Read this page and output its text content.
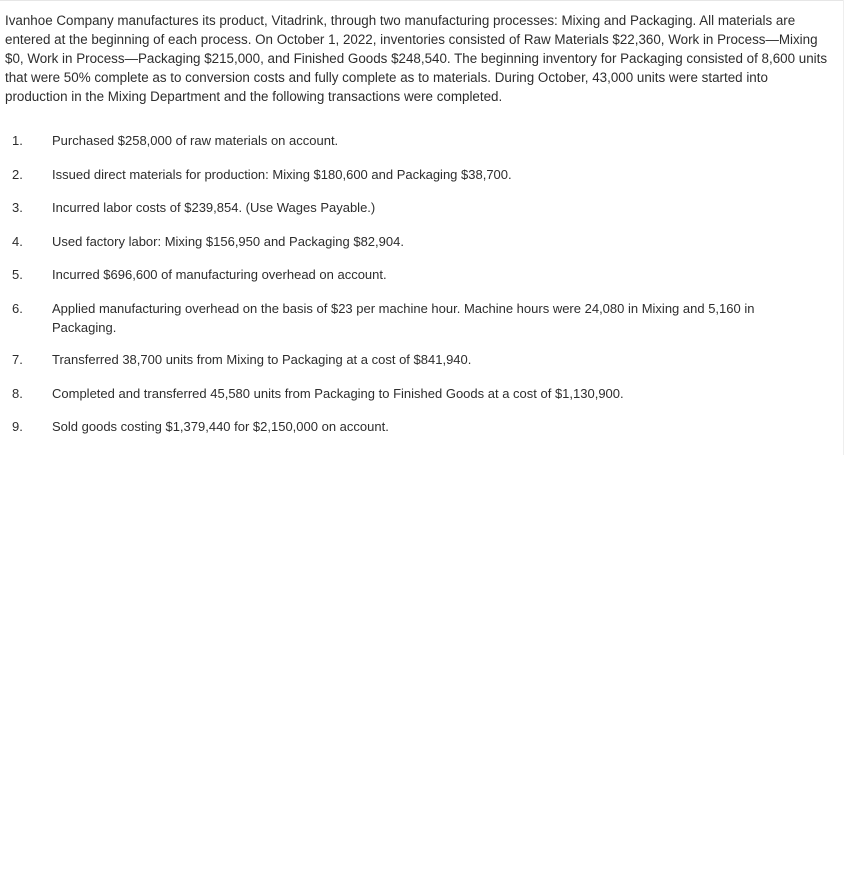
Ivanhoe Company manufactures its product, Vitadrink, through two manufacturing processes: Mixing and Packaging. All materials are entered at the beginning of each process. On October 1, 2022, inventories consisted of Raw Materials $22,360, Work in Process—Mixing $0, Work in Process—Packaging $215,000, and Finished Goods $248,540. The beginning inventory for Packaging consisted of 8,600 units that were 50% complete as to conversion costs and fully complete as to materials. During October, 43,000 units were started into production in the Mixing Department and the following transactions were completed.

1.	Purchased $258,000 of raw materials on account.
2.	Issued direct materials for production: Mixing $180,600 and Packaging $38,700.
3.	Incurred labor costs of $239,854. (Use Wages Payable.)
4.	Used factory labor: Mixing $156,950 and Packaging $82,904.
5.	Incurred $696,600 of manufacturing overhead on account.
6.	Applied manufacturing overhead on the basis of $23 per machine hour. Machine hours were 24,080 in Mixing and 5,160 in Packaging.
7.	Transferred 38,700 units from Mixing to Packaging at a cost of $841,940.
8.	Completed and transferred 45,580 units from Packaging to Finished Goods at a cost of $1,130,900.
9.	Sold goods costing $1,379,440 for $2,150,000 on account.
